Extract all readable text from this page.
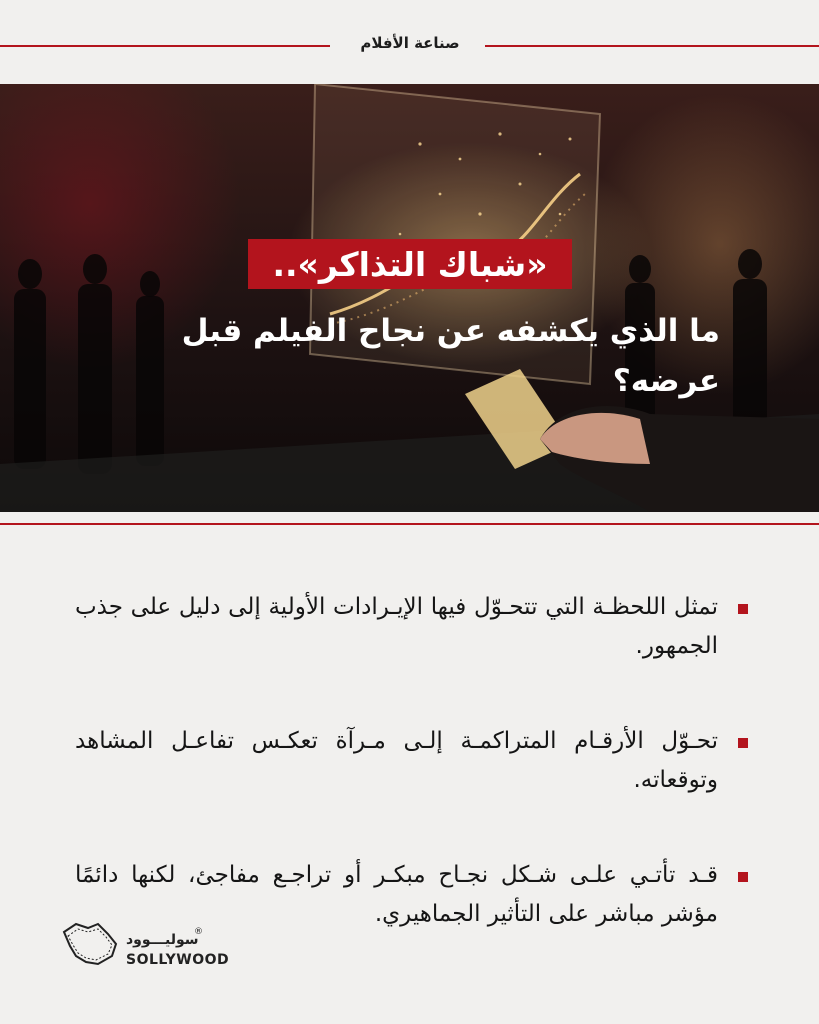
صناعة الأفلام
«شباك التذاكر»..
ما الذي يكشفه عن نجاح الفيلم قبل عرضه؟
تمثل اللحظـة التي تتحـوّل فيها الإيـرادات الأولية إلى دليل على جذب الجمهور.
تحـوّل الأرقـام المتراكمـة إلـى مـرآة تعكـس تفاعـل المشاهد وتوقعاته.
قـد تأتـي علـى شـكل نجـاح مبكـر أو تراجـع مفاجئ، لكنها دائمًا مؤشر مباشر على التأثير الجماهيري.
سوليـــوود
®
SOLLYWOOD
